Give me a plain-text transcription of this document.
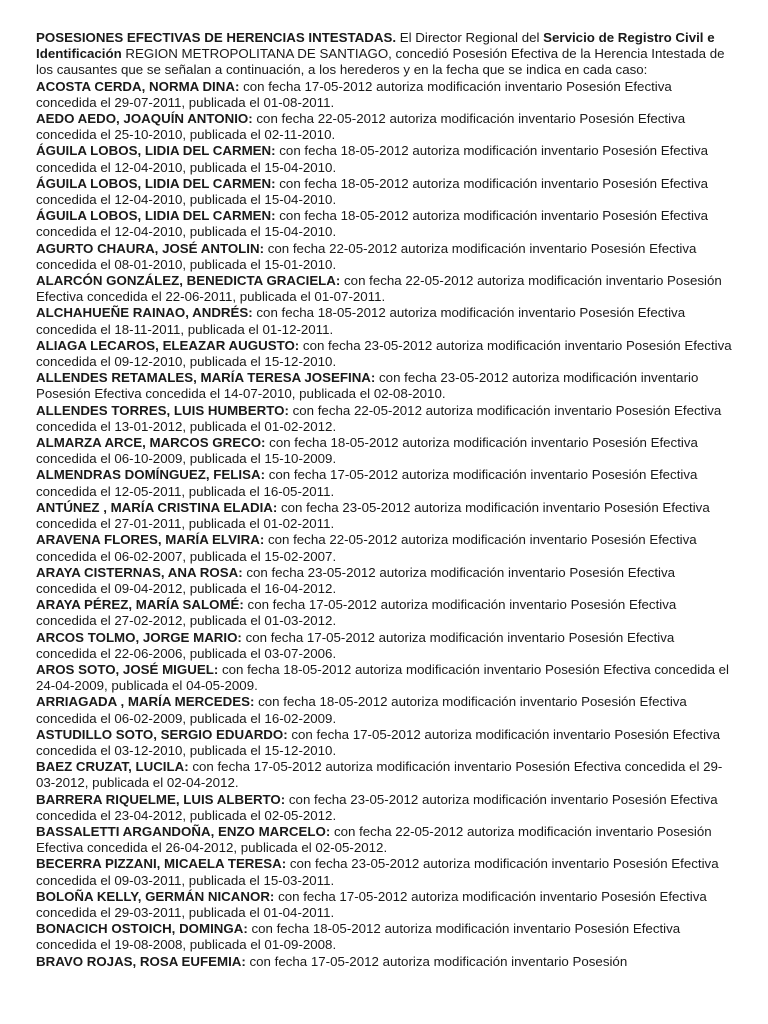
POSESIONES EFECTIVAS DE HERENCIAS INTESTADAS. El Director Regional del Servicio de Registro Civil e Identificación REGION METROPOLITANA DE SANTIAGO, concedió Posesión Efectiva de la Herencia Intestada de los causantes que se señalan a continuación, a los herederos y en la fecha que se indica en cada caso:

ACOSTA CERDA, NORMA DINA: con fecha 17-05-2012 autoriza modificación inventario Posesión Efectiva concedida el 29-07-2011, publicada el 01-08-2011.

AEDO AEDO, JOAQUÍN ANTONIO: con fecha 22-05-2012 autoriza modificación inventario Posesión Efectiva concedida el 25-10-2010, publicada el 02-11-2010.

ÁGUILA LOBOS, LIDIA DEL CARMEN: con fecha 18-05-2012 autoriza modificación inventario Posesión Efectiva concedida el 12-04-2010, publicada el 15-04-2010.

ÁGUILA LOBOS, LIDIA DEL CARMEN: con fecha 18-05-2012 autoriza modificación inventario Posesión Efectiva concedida el 12-04-2010, publicada el 15-04-2010.

ÁGUILA LOBOS, LIDIA DEL CARMEN: con fecha 18-05-2012 autoriza modificación inventario Posesión Efectiva concedida el 12-04-2010, publicada el 15-04-2010.

AGURTO CHAURA, JOSÉ ANTOLIN: con fecha 22-05-2012 autoriza modificación inventario Posesión Efectiva concedida el 08-01-2010, publicada el 15-01-2010.

ALARCÓN GONZÁLEZ, BENEDICTA GRACIELA: con fecha 22-05-2012 autoriza modificación inventario Posesión Efectiva concedida el 22-06-2011, publicada el 01-07-2011.

ALCHAHUEÑE RAINAO, ANDRÉS: con fecha 18-05-2012 autoriza modificación inventario Posesión Efectiva concedida el 18-11-2011, publicada el 01-12-2011.

ALIAGA LECAROS, ELEAZAR AUGUSTO: con fecha 23-05-2012 autoriza modificación inventario Posesión Efectiva concedida el 09-12-2010, publicada el 15-12-2010.

ALLENDES RETAMALES, MARÍA TERESA JOSEFINA: con fecha 23-05-2012 autoriza modificación inventario Posesión Efectiva concedida el 14-07-2010, publicada el 02-08-2010.

ALLENDES TORRES, LUIS HUMBERTO: con fecha 22-05-2012 autoriza modificación inventario Posesión Efectiva concedida el 13-01-2012, publicada el 01-02-2012.

ALMARZA ARCE, MARCOS GRECO: con fecha 18-05-2012 autoriza modificación inventario Posesión Efectiva concedida el 06-10-2009, publicada el 15-10-2009.

ALMENDRAS DOMÍNGUEZ, FELISA: con fecha 17-05-2012 autoriza modificación inventario Posesión Efectiva concedida el 12-05-2011, publicada el 16-05-2011.

ANTÚNEZ , MARÍA CRISTINA ELADIA: con fecha 23-05-2012 autoriza modificación inventario Posesión Efectiva concedida el 27-01-2011, publicada el 01-02-2011.

ARAVENA FLORES, MARÍA ELVIRA: con fecha 22-05-2012 autoriza modificación inventario Posesión Efectiva concedida el 06-02-2007, publicada el 15-02-2007.

ARAYA CISTERNAS, ANA ROSA: con fecha 23-05-2012 autoriza modificación inventario Posesión Efectiva concedida el 09-04-2012, publicada el 16-04-2012.

ARAYA PÉREZ, MARÍA SALOMÉ: con fecha 17-05-2012 autoriza modificación inventario Posesión Efectiva concedida el 27-02-2012, publicada el 01-03-2012.

ARCOS TOLMO, JORGE MARIO: con fecha 17-05-2012 autoriza modificación inventario Posesión Efectiva concedida el 22-06-2006, publicada el 03-07-2006.

AROS SOTO, JOSÉ MIGUEL: con fecha 18-05-2012 autoriza modificación inventario Posesión Efectiva concedida el 24-04-2009, publicada el 04-05-2009.

ARRIAGADA , MARÍA MERCEDES: con fecha 18-05-2012 autoriza modificación inventario Posesión Efectiva concedida el 06-02-2009, publicada el 16-02-2009.

ASTUDILLO SOTO, SERGIO EDUARDO: con fecha 17-05-2012 autoriza modificación inventario Posesión Efectiva concedida el 03-12-2010, publicada el 15-12-2010.

BAEZ CRUZAT, LUCILA: con fecha 17-05-2012 autoriza modificación inventario Posesión Efectiva concedida el 29-03-2012, publicada el 02-04-2012.

BARRERA RIQUELME, LUIS ALBERTO: con fecha 23-05-2012 autoriza modificación inventario Posesión Efectiva concedida el 23-04-2012, publicada el 02-05-2012.

BASSALETTI ARGANDOÑA, ENZO MARCELO: con fecha 22-05-2012 autoriza modificación inventario Posesión Efectiva concedida el 26-04-2012, publicada el 02-05-2012.

BECERRA PIZZANI, MICAELA TERESA: con fecha 23-05-2012 autoriza modificación inventario Posesión Efectiva concedida el 09-03-2011, publicada el 15-03-2011.

BOLOÑA KELLY, GERMÁN NICANOR: con fecha 17-05-2012 autoriza modificación inventario Posesión Efectiva concedida el 29-03-2011, publicada el 01-04-2011.

BONACICH OSTOICH, DOMINGA: con fecha 18-05-2012 autoriza modificación inventario Posesión Efectiva concedida el 19-08-2008, publicada el 01-09-2008.

BRAVO ROJAS, ROSA EUFEMIA: con fecha 17-05-2012 autoriza modificación inventario Posesión
